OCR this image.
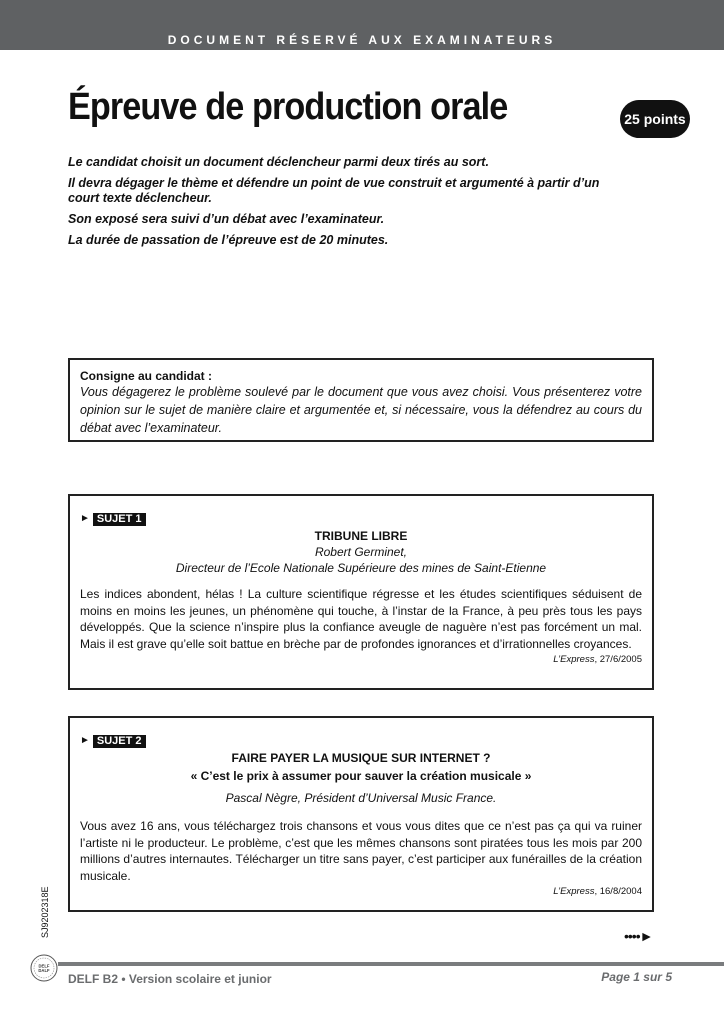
DOCUMENT RÉSERVÉ AUX EXAMINATEURS
Épreuve de production orale	25 points

Le candidat choisit un document déclencheur parmi deux tirés au sort.

Il devra dégager le thème et défendre un point de vue construit et argumenté à partir d’un court texte déclencheur.

Son exposé sera suivi d’un débat avec l’examinateur.

La durée de passation de l’épreuve est de 20 minutes.

Consigne au candidat :
Vous dégagerez le problème soulevé par le document que vous avez choisi. Vous présenterez votre opinion sur le sujet de manière claire et argumentée et, si nécessaire, vous la défendrez au cours du débat avec l’examinateur.
► SUJET 1
TRIBUNE LIBRE
Robert Germinet,
Directeur de l’Ecole Nationale Supérieure des mines de Saint-Etienne
Les indices abondent, hélas ! La culture scientifique régresse et les études scientifiques séduisent de moins en moins les jeunes, un phénomène qui touche, à l’instar de la France, à peu près tous les pays développés. Que la science n’inspire plus la confiance aveugle de naguère n’est pas forcément un mal. Mais il est grave qu’elle soit battue en brèche par de profondes ignorances et d’irrationnelles croyances.
L’Express, 27/6/2005
► SUJET 2
FAIRE PAYER LA MUSIQUE SUR INTERNET ?
« C’est le prix à assumer pour sauver la création musicale »
Pascal Nègre, Président d’Universal Music France.
Vous avez 16 ans, vous téléchargez trois chansons et vous vous dites que ce n’est pas ça qui va ruiner l’artiste ni le producteur. Le problème, c’est que les mêmes chansons sont piratées tous les mois par 200 millions d’autres internautes. Télécharger un titre sans payer, c’est participer aux funérailles de la création musicale.
L’Express, 16/8/2004
••••►
SJ9202318E
DELF
DALF
DELF B2 • Version scolaire et junior	Page 1 sur 5
